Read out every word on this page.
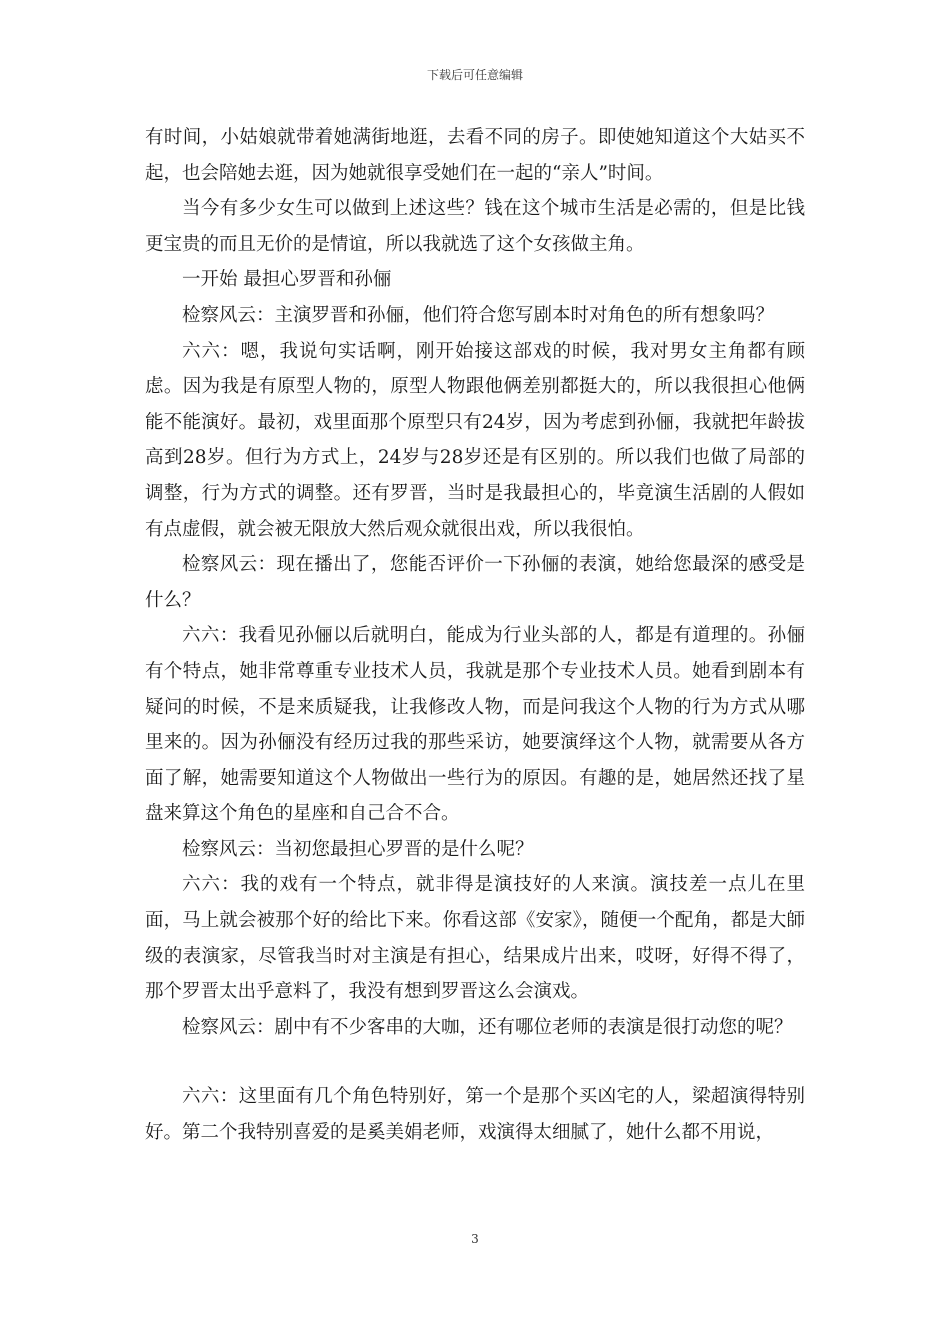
下载后可任意编辑

有时间，小姑娘就带着她满街地逛，去看不同的房子。即使她知道这个大姑买不起，也会陪她去逛，因为她就很享受她们在一起的“亲人”时间。

当今有多少女生可以做到上述这些？钱在这个城市生活是必需的，但是比钱更宝贵的而且无价的是情谊，所以我就选了这个女孩做主角。

一开始 最担心罗晋和孙俪

检察风云：主演罗晋和孙俪，他们符合您写剧本时对角色的所有想象吗？

六六：嗯，我说句实话啊，刚开始接这部戏的时候，我对男女主角都有顾虑。因为我是有原型人物的，原型人物跟他俩差别都挺大的，所以我很担心他俩能不能演好。最初，戏里面那个原型只有24岁，因为考虑到孙俪，我就把年龄拔高到28岁。但行为方式上，24岁与28岁还是有区别的。所以我们也做了局部的调整，行为方式的调整。还有罗晋，当时是我最担心的，毕竟演生活剧的人假如有点虚假，就会被无限放大然后观众就很出戏，所以我很怕。

检察风云：现在播出了，您能否评价一下孙俪的表演，她给您最深的感受是什么？

六六：我看见孙俪以后就明白，能成为行业头部的人，都是有道理的。孙俪有个特点，她非常尊重专业技术人员，我就是那个专业技术人员。她看到剧本有疑问的时候，不是来质疑我，让我修改人物，而是问我这个人物的行为方式从哪里来的。因为孙俪没有经历过我的那些采访，她要演绎这个人物，就需要从各方面了解，她需要知道这个人物做出一些行为的原因。有趣的是，她居然还找了星盘来算这个角色的星座和自己合不合。

检察风云：当初您最担心罗晋的是什么呢？

六六：我的戏有一个特点，就非得是演技好的人来演。演技差一点儿在里面，马上就会被那个好的给比下来。你看这部《安家》，随便一个配角，都是大師级的表演家，尽管我当时对主演是有担心，结果成片出来，哎呀，好得不得了，那个罗晋太出乎意料了，我没有想到罗晋这么会演戏。

检察风云：剧中有不少客串的大咖，还有哪位老师的表演是很打动您的呢？

六六：这里面有几个角色特别好，第一个是那个买凶宅的人，梁超演得特别好。第二个我特别喜爱的是奚美娟老师，戏演得太细腻了，她什么都不用说，

3
